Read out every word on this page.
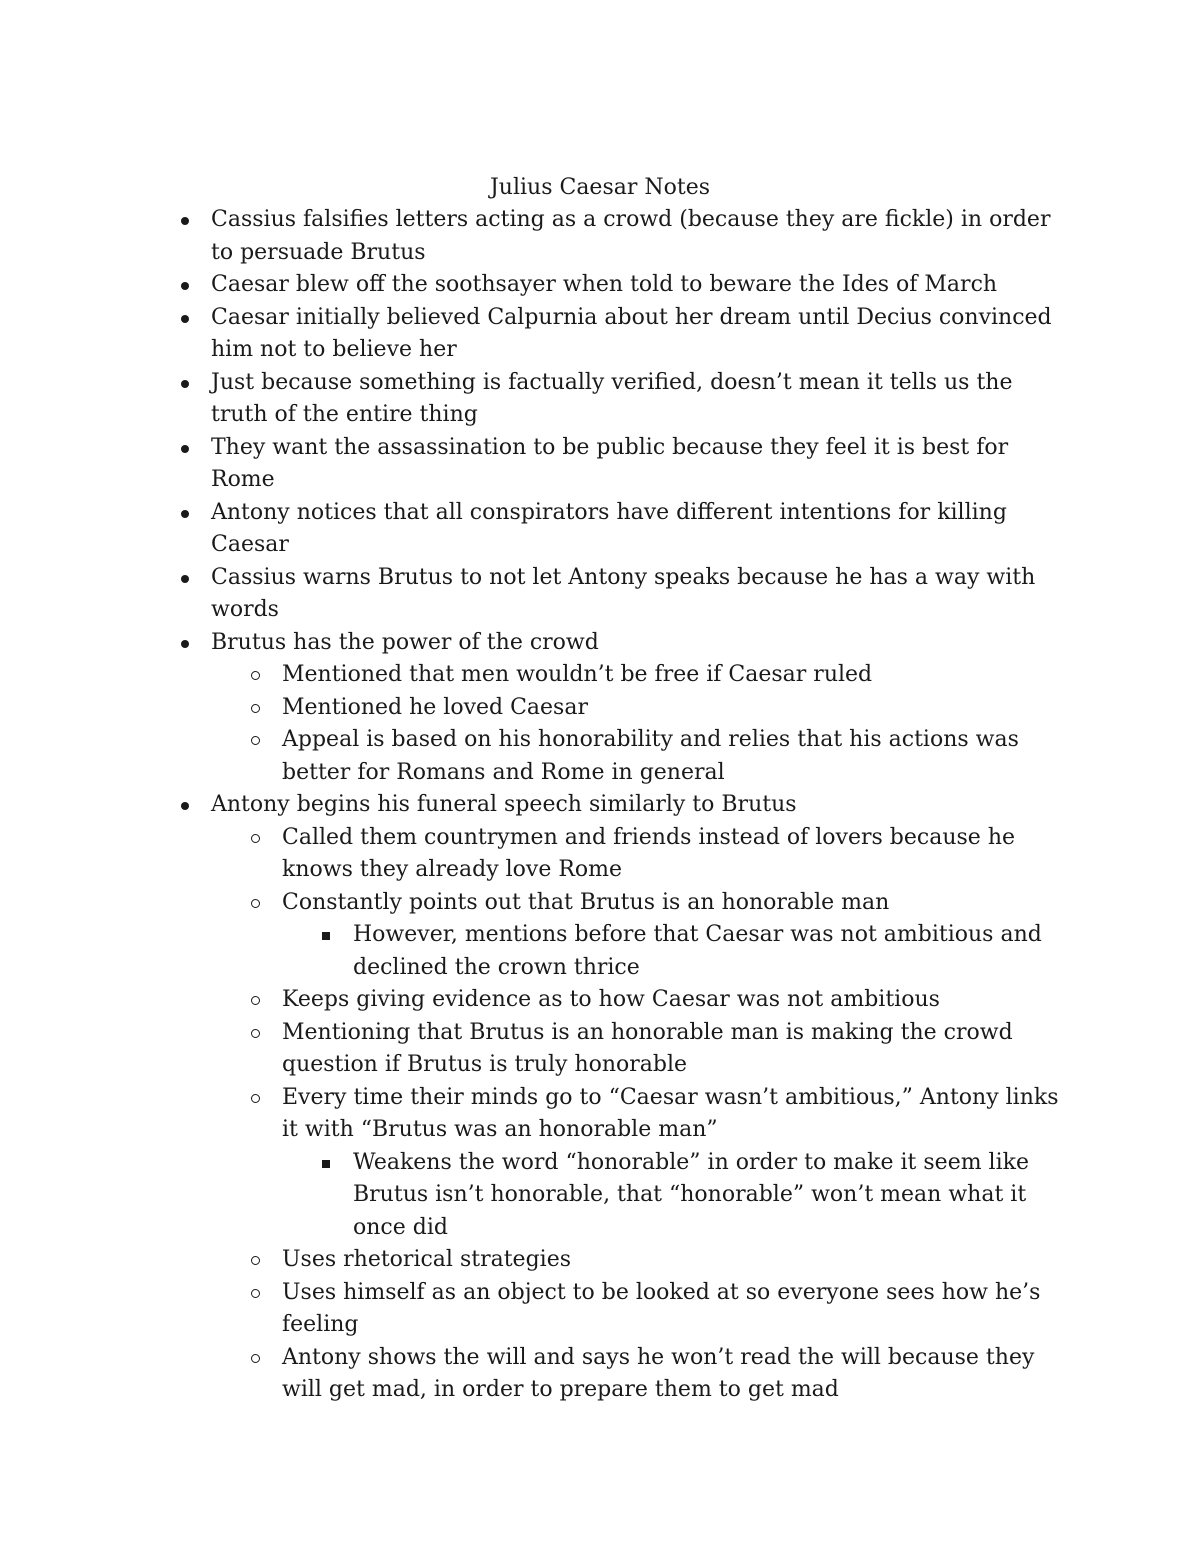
Julius Caesar Notes
Cassius falsifies letters acting as a crowd (because they are fickle) in order to persuade Brutus
Caesar blew off the soothsayer when told to beware the Ides of March
Caesar initially believed Calpurnia about her dream until Decius convinced him not to believe her
Just because something is factually verified, doesn’t mean it tells us the truth of the entire thing
They want the assassination to be public because they feel it is best for Rome
Antony notices that all conspirators have different intentions for killing Caesar
Cassius warns Brutus to not let Antony speaks because he has a way with words
Brutus has the power of the crowd
Mentioned that men wouldn’t be free if Caesar ruled
Mentioned he loved Caesar
Appeal is based on his honorability and relies that his actions was better for Romans and Rome in general
Antony begins his funeral speech similarly to Brutus
Called them countrymen and friends instead of lovers because he knows they already love Rome
Constantly points out that Brutus is an honorable man
However, mentions before that Caesar was not ambitious and declined the crown thrice
Keeps giving evidence as to how Caesar was not ambitious
Mentioning that Brutus is an honorable man is making the crowd question if Brutus is truly honorable
Every time their minds go to “Caesar wasn’t ambitious,” Antony links it with “Brutus was an honorable man”
Weakens the word “honorable” in order to make it seem like Brutus isn’t honorable, that “honorable” won’t mean what it once did
Uses rhetorical strategies
Uses himself as an object to be looked at so everyone sees how he’s feeling
Antony shows the will and says he won’t read the will because they will get mad, in order to prepare them to get mad
